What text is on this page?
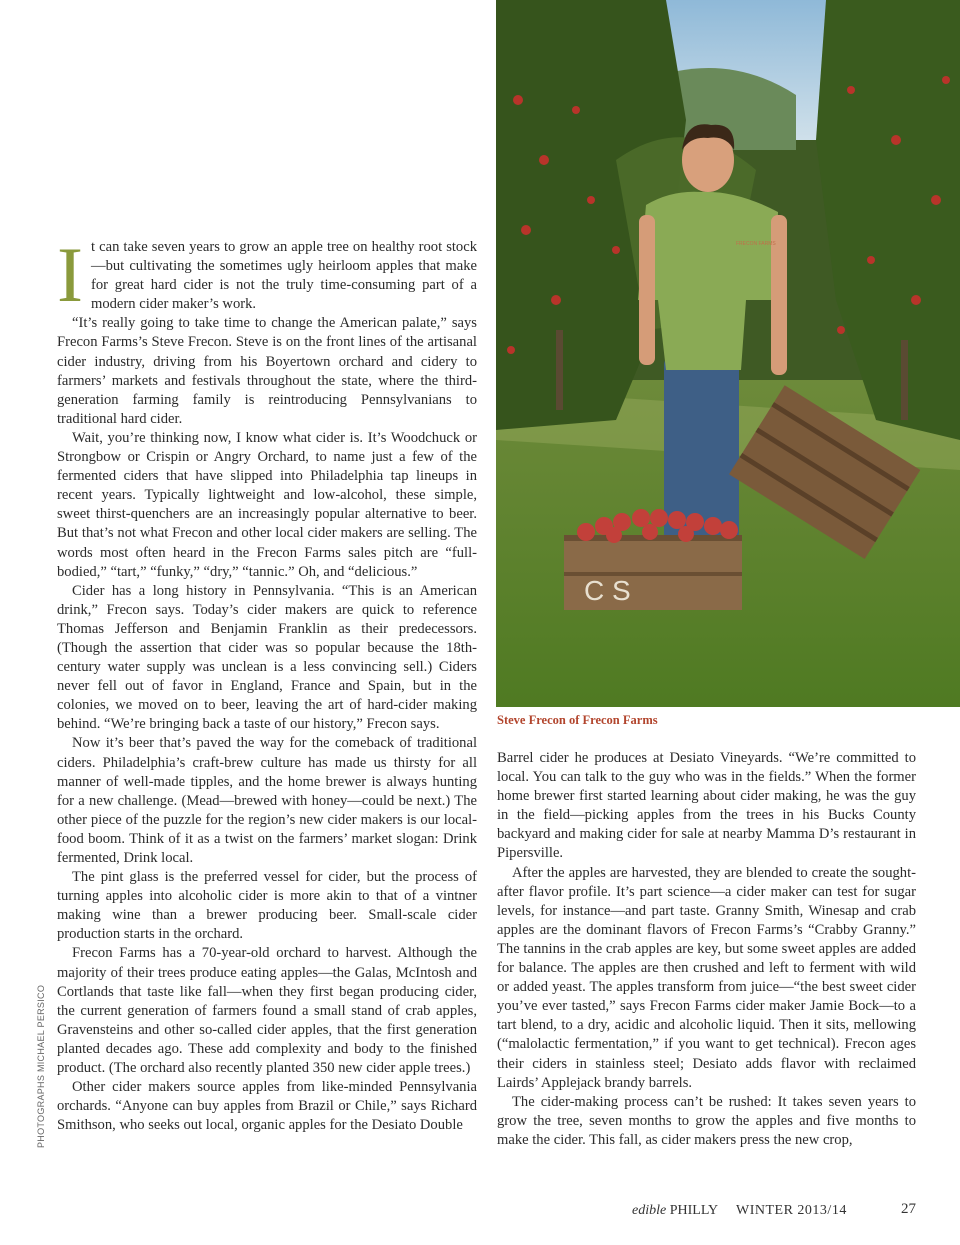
FRECON FARMS
C S
Steve Frecon of Frecon Farms
PHOTOGRAPHS MICHAEL PERSICO

It can take seven years to grow an apple tree on healthy root stock—but cultivating the sometimes ugly heirloom apples that make for great hard cider is not the truly time-consuming part of a modern cider maker’s work.

“It’s really going to take time to change the American palate,” says Frecon Farms’s Steve Frecon. Steve is on the front lines of the artisanal cider industry, driving from his Boyertown orchard and cidery to farmers’ markets and festivals throughout the state, where the third-generation farming family is reintroducing Pennsylvanians to traditional hard cider.

Wait, you’re thinking now, I know what cider is. It’s Woodchuck or Strongbow or Crispin or Angry Orchard, to name just a few of the fermented ciders that have slipped into Philadelphia tap lineups in recent years. Typically lightweight and low-alcohol, these simple, sweet thirst-quenchers are an increasingly popular alternative to beer. But that’s not what Frecon and other local cider makers are selling. The words most often heard in the Frecon Farms sales pitch are “full-bodied,” “tart,” “funky,” “dry,” “tannic.” Oh, and “delicious.”

Cider has a long history in Pennsylvania. “This is an American drink,” Frecon says. Today’s cider makers are quick to reference Thomas Jefferson and Benjamin Franklin as their predecessors. (Though the assertion that cider was so popular because the 18th-century water supply was unclean is a less convincing sell.) Ciders never fell out of favor in England, France and Spain, but in the colonies, we moved on to beer, leaving the art of hard-cider making behind. “We’re bringing back a taste of our history,” Frecon says.

Now it’s beer that’s paved the way for the comeback of traditional ciders. Philadelphia’s craft-brew culture has made us thirsty for all manner of well-made tipples, and the home brewer is always hunting for a new challenge. (Mead—brewed with honey—could be next.) The other piece of the puzzle for the region’s new cider makers is our local-food boom. Think of it as a twist on the farmers’ market slogan: Drink fermented, Drink local.

The pint glass is the preferred vessel for cider, but the process of turning apples into alcoholic cider is more akin to that of a vintner making wine than a brewer producing beer. Small-scale cider production starts in the orchard.

Frecon Farms has a 70-year-old orchard to harvest. Although the majority of their trees produce eating apples—the Galas, McIntosh and Cortlands that taste like fall—when they first began producing cider, the current generation of farmers found a small stand of crab apples, Gravensteins and other so-called cider apples, that the first generation planted decades ago. These add complexity and body to the finished product. (The orchard also recently planted 350 new cider apple trees.)

Other cider makers source apples from like-minded Pennsylvania orchards. “Anyone can buy apples from Brazil or Chile,” says Richard Smithson, who seeks out local, organic apples for the Desiato Double

Barrel cider he produces at Desiato Vineyards. “We’re committed to local. You can talk to the guy who was in the fields.” When the former home brewer first started learning about cider making, he was the guy in the field—picking apples from the trees in his Bucks County backyard and making cider for sale at nearby Mamma D’s restaurant in Pipersville.

After the apples are harvested, they are blended to create the sought-after flavor profile. It’s part science—a cider maker can test for sugar levels, for instance—and part taste. Granny Smith, Winesap and crab apples are the dominant flavors of Frecon Farms’s “Crabby Granny.” The tannins in the crab apples are key, but some sweet apples are added for balance. The apples are then crushed and left to ferment with wild or added yeast. The apples transform from juice—“the best sweet cider you’ve ever tasted,” says Frecon Farms cider maker Jamie Bock—to a tart blend, to a dry, acidic and alcoholic liquid. Then it sits, mellowing (“malolactic fermentation,” if you want to get technical). Frecon ages their ciders in stainless steel; Desiato adds flavor with reclaimed Lairds’ Applejack brandy barrels.

The cider-making process can’t be rushed: It takes seven years to grow the tree, seven months to grow the apples and five months to make the cider. This fall, as cider makers press the new crop,

edible PHILLY WINTER 2013/14	27
